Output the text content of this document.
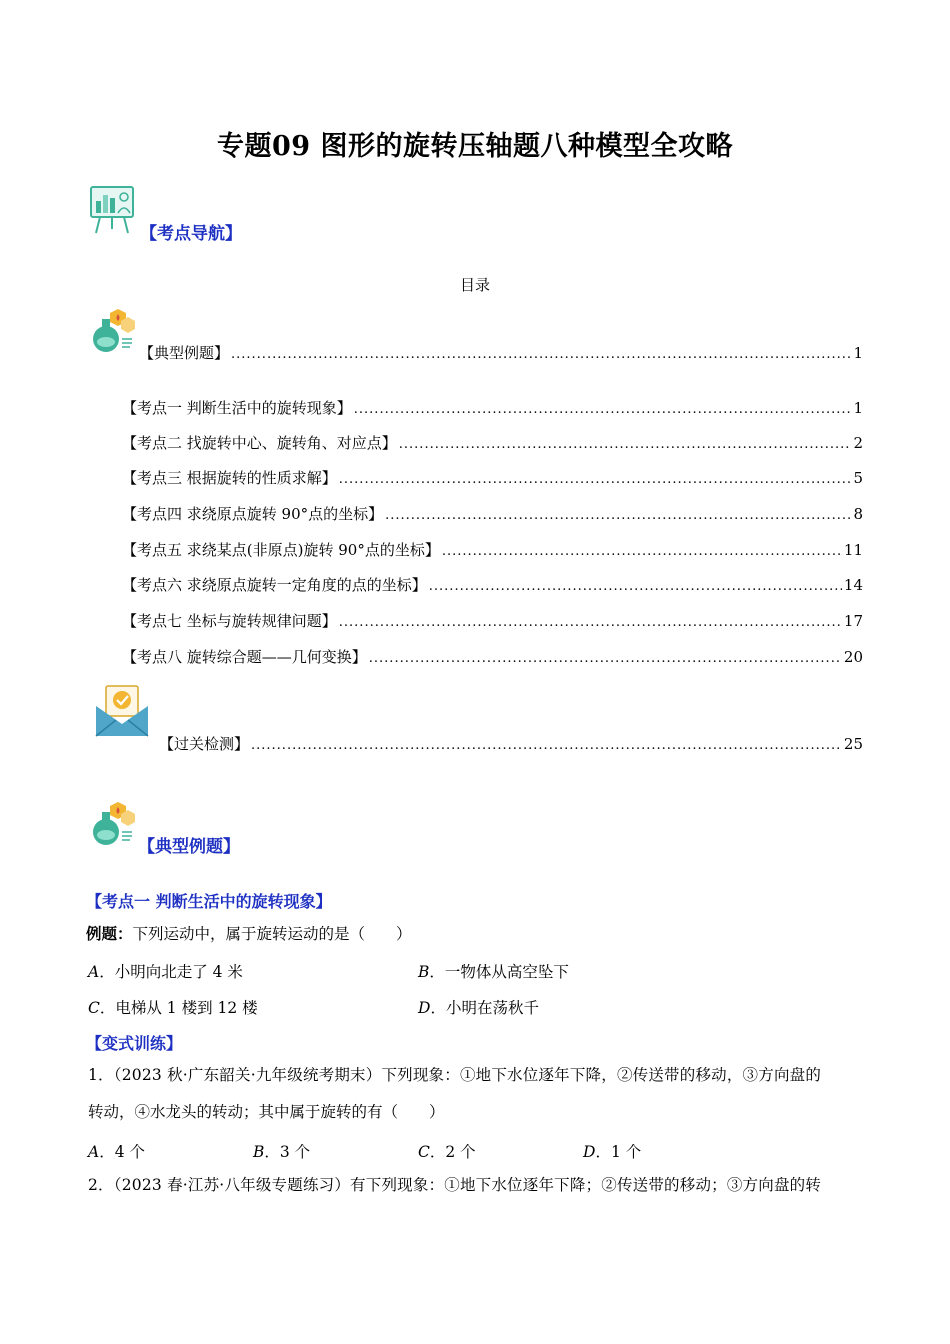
专题09 图形的旋转压轴题八种模型全攻略
【考点导航】
目录
【典型例题】 .....	1
【考点一 判断生活中的旋转现象】 .....	1
【考点二 找旋转中心、旋转角、对应点】 .....	2
【考点三 根据旋转的性质求解】 .....	5
【考点四 求绕原点旋转 90°点的坐标】 .....	8
【考点五 求绕某点(非原点)旋转 90°点的坐标】 .....	11
【考点六 求绕原点旋转一定角度的点的坐标】 .....	14
【考点七 坐标与旋转规律问题】 .....	17
【考点八 旋转综合题——几何变换】 .....	20
【过关检测】 .....	25
【典型例题】
【考点一 判断生活中的旋转现象】
例题：下列运动中，属于旋转运动的是（　　）
A．小明向北走了 4 米	B．一物体从高空坠下
C．电梯从 1 楼到 12 楼	D．小明在荡秋千
【变式训练】
1．（2023 秋·广东韶关·九年级统考期末）下列现象：①地下水位逐年下降，②传送带的移动，③方向盘的
转动，④水龙头的转动；其中属于旋转的有（　　）
A．4 个	B．3 个	C．2 个	D．1 个
2．（2023 春·江苏·八年级专题练习）有下列现象：①地下水位逐年下降；②传送带的移动；③方向盘的转
